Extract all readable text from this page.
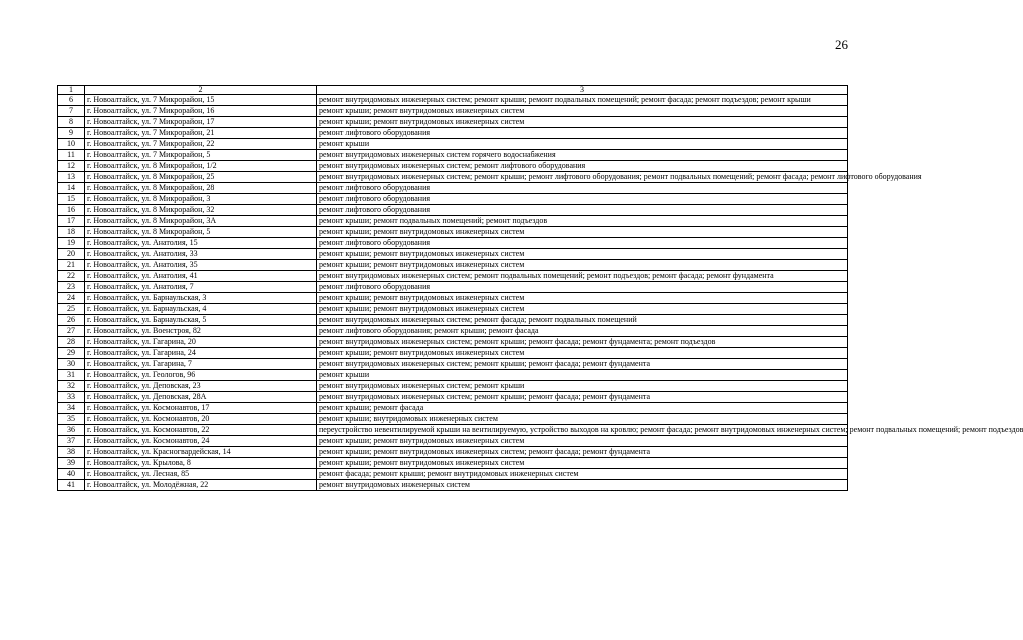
26
1	2	3
6	г. Новоалтайск, ул. 7 Микрорайон, 15	ремонт внутридомовых инженерных систем; ремонт крыши; ремонт подвальных помещений; ремонт фасада; ремонт подъездов; ремонт крыши
7	г. Новоалтайск, ул. 7 Микрорайон, 16	ремонт крыши; ремонт внутридомовых инженерных систем
8	г. Новоалтайск, ул. 7 Микрорайон, 17	ремонт крыши; ремонт внутридомовых инженерных систем
9	г. Новоалтайск, ул. 7 Микрорайон, 21	ремонт лифтового оборудования
10	г. Новоалтайск, ул. 7 Микрорайон, 22	ремонт крыши
11	г. Новоалтайск, ул. 7 Микрорайон, 5	ремонт внутридомовых инженерных систем горячего водоснабжения
12	г. Новоалтайск, ул. 8 Микрорайон, 1/2	ремонт внутридомовых инженерных систем; ремонт лифтового оборудования
13	г. Новоалтайск, ул. 8 Микрорайон, 25	ремонт внутридомовых инженерных систем; ремонт крыши; ремонт лифтового оборудования; ремонт подвальных помещений; ремонт фасада; ремонт лифтового оборудования
14	г. Новоалтайск, ул. 8 Микрорайон, 28	ремонт лифтового оборудования
15	г. Новоалтайск, ул. 8 Микрорайон, 3	ремонт лифтового оборудования
16	г. Новоалтайск, ул. 8 Микрорайон, 32	ремонт лифтового оборудования
17	г. Новоалтайск, ул. 8 Микрорайон, 3А	ремонт крыши; ремонт подвальных помещений; ремонт подъездов
18	г. Новоалтайск, ул. 8 Микрорайон, 5	ремонт крыши; ремонт внутридомовых инженерных систем
19	г. Новоалтайск, ул. Анатолия, 15	ремонт лифтового оборудования
20	г. Новоалтайск, ул. Анатолия, 33	ремонт крыши; ремонт внутридомовых инженерных систем
21	г. Новоалтайск, ул. Анатолия, 35	ремонт крыши; ремонт внутридомовых инженерных систем
22	г. Новоалтайск, ул. Анатолия, 41	ремонт внутридомовых инженерных систем; ремонт подвальных помещений; ремонт подъездов; ремонт фасада; ремонт фундамента
23	г. Новоалтайск, ул. Анатолия, 7	ремонт лифтового оборудования
24	г. Новоалтайск, ул. Барнаульская, 3	ремонт крыши; ремонт внутридомовых инженерных систем
25	г. Новоалтайск, ул. Барнаульская, 4	ремонт крыши; ремонт внутридомовых инженерных систем
26	г. Новоалтайск, ул. Барнаульская, 5	ремонт внутридомовых инженерных систем; ремонт фасада; ремонт подвальных помещений
27	г. Новоалтайск, ул. Военстроя, 82	ремонт лифтового оборудования; ремонт крыши; ремонт фасада
28	г. Новоалтайск, ул. Гагарина, 20	ремонт внутридомовых инженерных систем; ремонт крыши; ремонт фасада; ремонт фундамента; ремонт подъездов
29	г. Новоалтайск, ул. Гагарина, 24	ремонт крыши; ремонт внутридомовых инженерных систем
30	г. Новоалтайск, ул. Гагарина, 7	ремонт внутридомовых инженерных систем; ремонт крыши; ремонт фасада; ремонт фундамента
31	г. Новоалтайск, ул. Геологов, 96	ремонт крыши
32	г. Новоалтайск, ул. Деповская, 23	ремонт внутридомовых инженерных систем; ремонт крыши
33	г. Новоалтайск, ул. Деповская, 28А	ремонт внутридомовых инженерных систем; ремонт крыши; ремонт фасада; ремонт фундамента
34	г. Новоалтайск, ул. Космонавтов, 17	ремонт крыши; ремонт фасада
35	г. Новоалтайск, ул. Космонавтов, 20	ремонт крыши; внутридомовых инженерных систем
36	г. Новоалтайск, ул. Космонавтов, 22	переустройство невентилируемой крыши на вентилируемую, устройство выходов на кровлю; ремонт фасада; ремонт внутридомовых инженерных систем; ремонт подвальных помещений; ремонт подъездов
37	г. Новоалтайск, ул. Космонавтов, 24	ремонт крыши; ремонт внутридомовых инженерных систем
38	г. Новоалтайск, ул. Красногвардейская, 14	ремонт крыши; ремонт внутридомовых инженерных систем; ремонт фасада; ремонт фундамента
39	г. Новоалтайск, ул. Крылова, 8	ремонт крыши; ремонт внутридомовых инженерных систем
40	г. Новоалтайск, ул. Лесная, 85	ремонт фасада; ремонт крыши; ремонт внутридомовых инженерных систем
41	г. Новоалтайск, ул. Молодёжная, 22	ремонт внутридомовых инженерных систем
